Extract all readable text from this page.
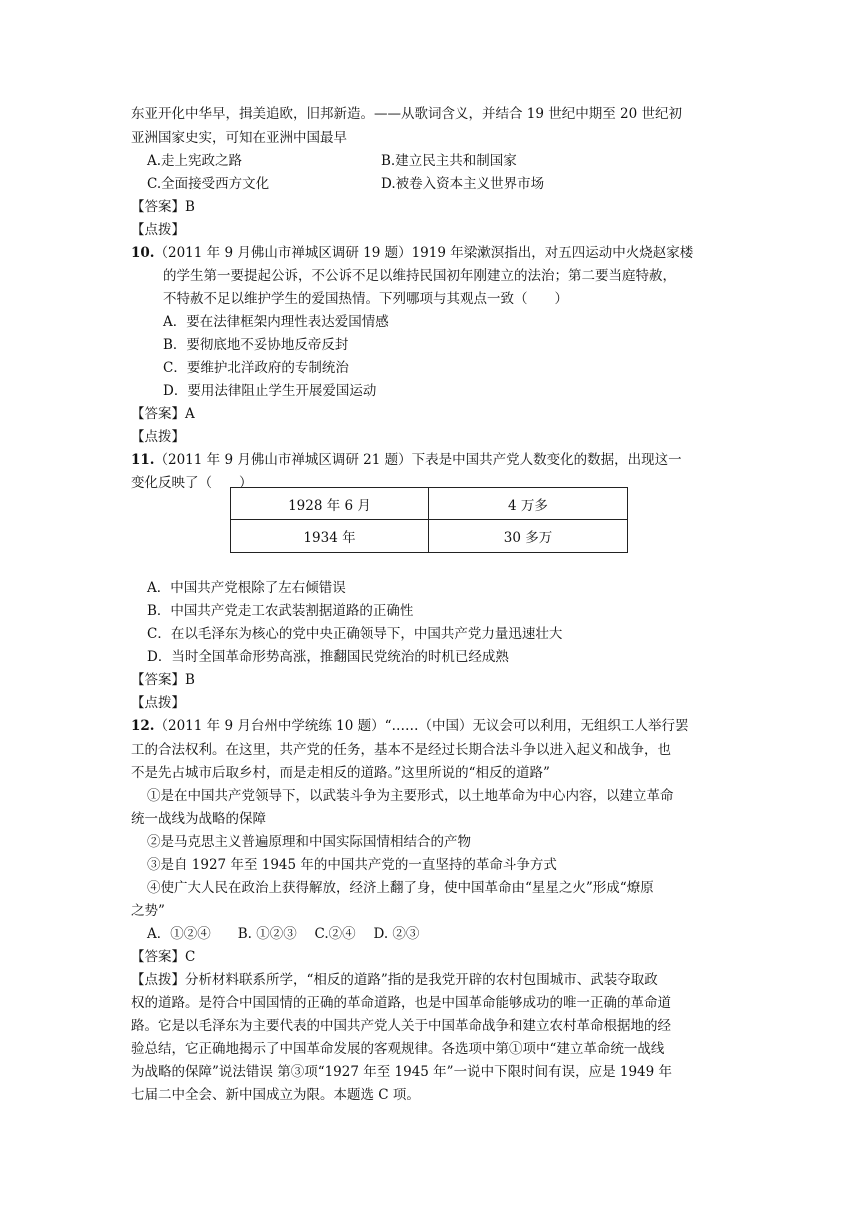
东亚开化中华早，揖美追欧，旧邦新造。——从歌词含义，并结合 19 世纪中期至 20 世纪初
亚洲国家史实，可知在亚洲中国最早
A.走上宪政之路	B.建立民主共和制国家
C.全面接受西方文化	D.被卷入资本主义世界市场
【答案】B
【点拨】
10.（2011 年 9 月佛山市禅城区调研 19 题）1919 年梁漱溟指出，对五四运动中火烧赵家楼
的学生第一要提起公诉，不公诉不足以维持民国初年刚建立的法治；第二要当庭特赦，
不特赦不足以维护学生的爱国热情。下列哪项与其观点一致（　　）
A．要在法律框架内理性表达爱国情感
B．要彻底地不妥协地反帝反封
C．要维护北洋政府的专制统治
D．要用法律阻止学生开展爱国运动
【答案】A
【点拨】
11.（2011 年 9 月佛山市禅城区调研 21 题）下表是中国共产党人数变化的数据，出现这一
变化反映了（　　）
1928 年 6 月	4 万多
1934 年	30 多万
A．中国共产党根除了左右倾错误
B．中国共产党走工农武装割据道路的正确性
C．在以毛泽东为核心的党中央正确领导下，中国共产党力量迅速壮大
D．当时全国革命形势高涨，推翻国民党统治的时机已经成熟
【答案】B
【点拨】
12.（2011 年 9 月台州中学统练 10 题）“……（中国）无议会可以利用，无组织工人举行罢
工的合法权利。在这里，共产党的任务，基本不是经过长期合法斗争以进入起义和战争，也
不是先占城市后取乡村，而是走相反的道路。”这里所说的“相反的道路”
①是在中国共产党领导下，以武装斗争为主要形式，以土地革命为中心内容，以建立革命
统一战线为战略的保障
②是马克思主义普遍原理和中国实际国情相结合的产物
③是自 1927 年至 1945 年的中国共产党的一直坚持的革命斗争方式
④使广大人民在政治上获得解放，经济上翻了身，使中国革命由“星星之火”形成“燎原
之势”
A．①②④　　B. ①②③　 C.②④　 D. ②③
【答案】C
【点拨】分析材料联系所学，“相反的道路”指的是我党开辟的农村包围城市、武装夺取政
权的道路。是符合中国国情的正确的革命道路，也是中国革命能够成功的唯一正确的革命道
路。它是以毛泽东为主要代表的中国共产党人关于中国革命战争和建立农村革命根据地的经
验总结，它正确地揭示了中国革命发展的客观规律。各选项中第①项中“建立革命统一战线
为战略的保障”说法错误 第③项“1927 年至 1945 年”一说中下限时间有误，应是 1949 年
七届二中全会、新中国成立为限。本题选 C 项。
